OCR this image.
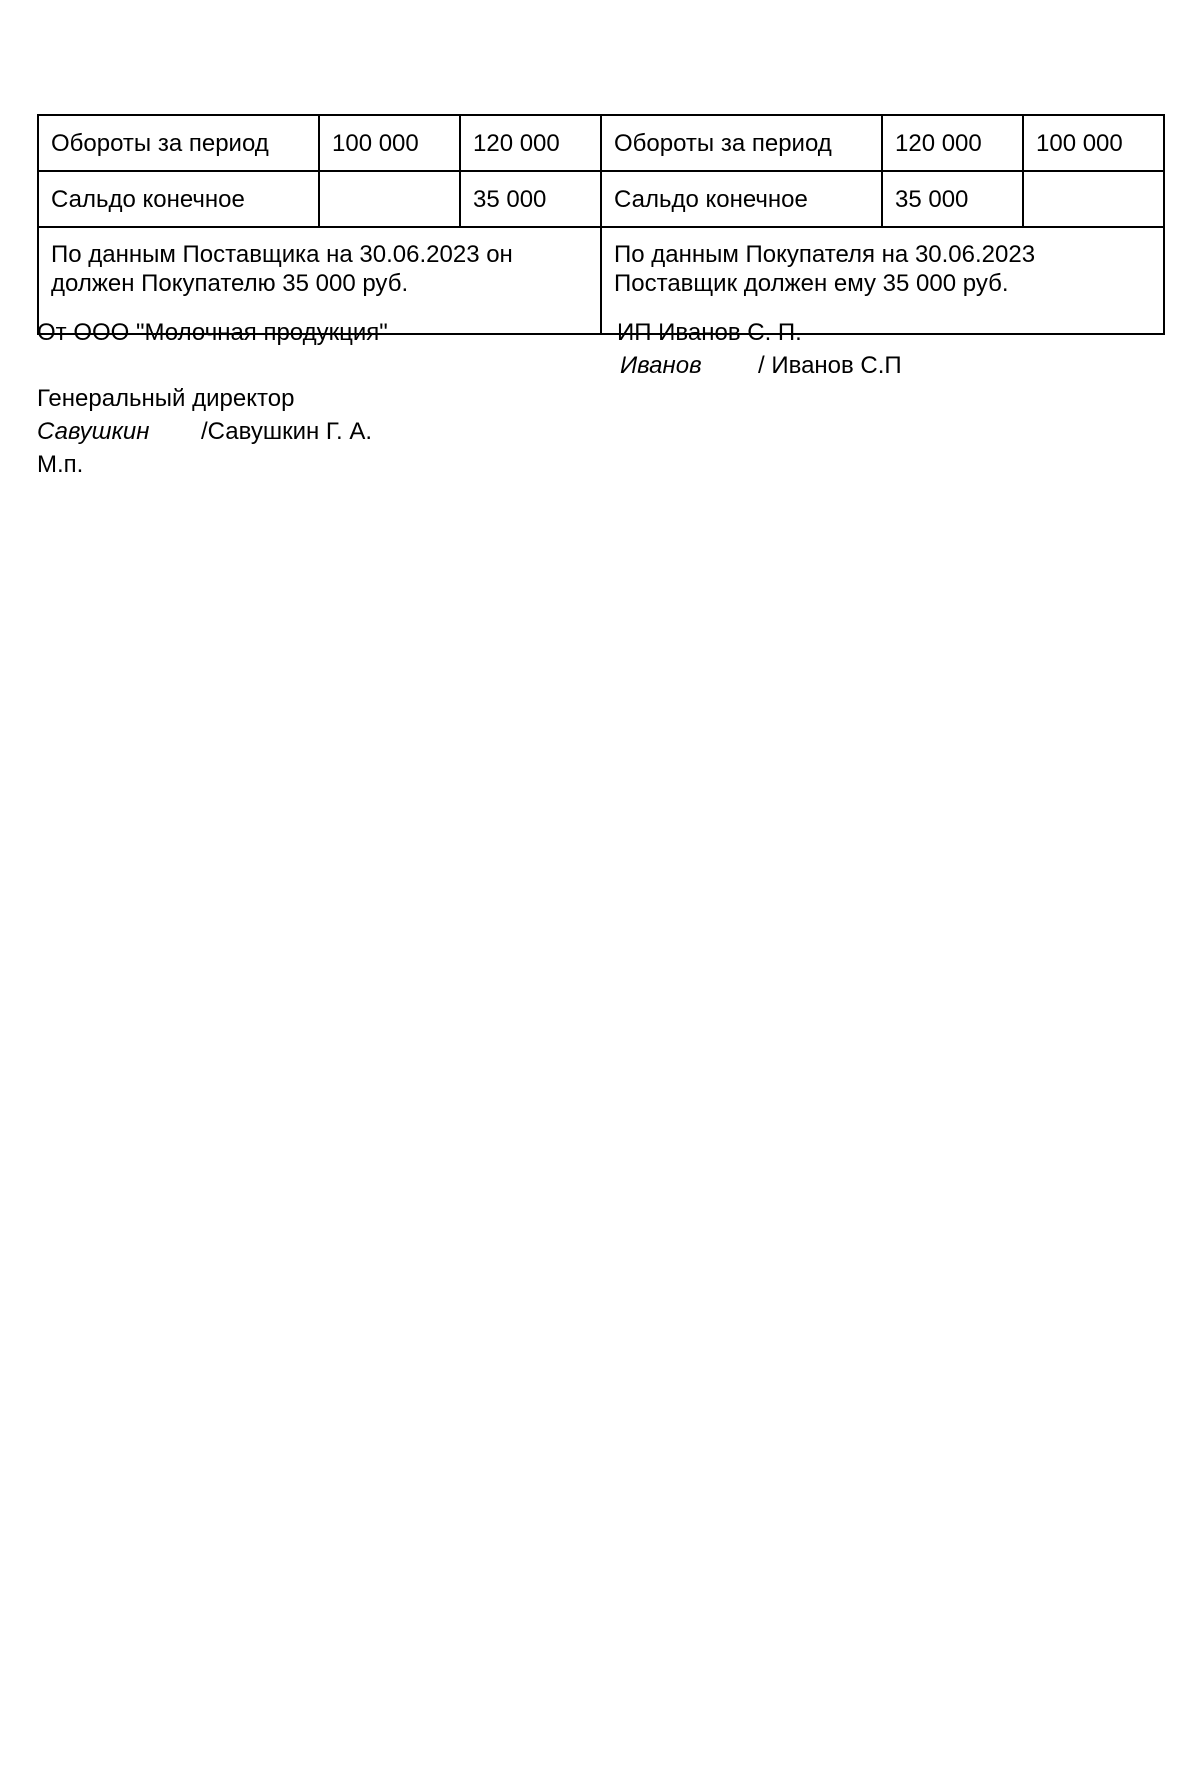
Обороты за период	100 000	120 000	Обороты за период	120 000	100 000
Сальдо конечное		35 000	Сальдо конечное	35 000	
По данным Поставщика на 30.06.2023 он должен Покупателю 35 000 руб.			По данным Покупателя на 30.06.2023 Поставщик должен ему 35 000 руб.		
От ООО "Молочная продукция"
Генеральный директор
Савушкин /Савушкин Г. А.
М.п.
ИП Иванов С. П.
Иванов / Иванов С.П
